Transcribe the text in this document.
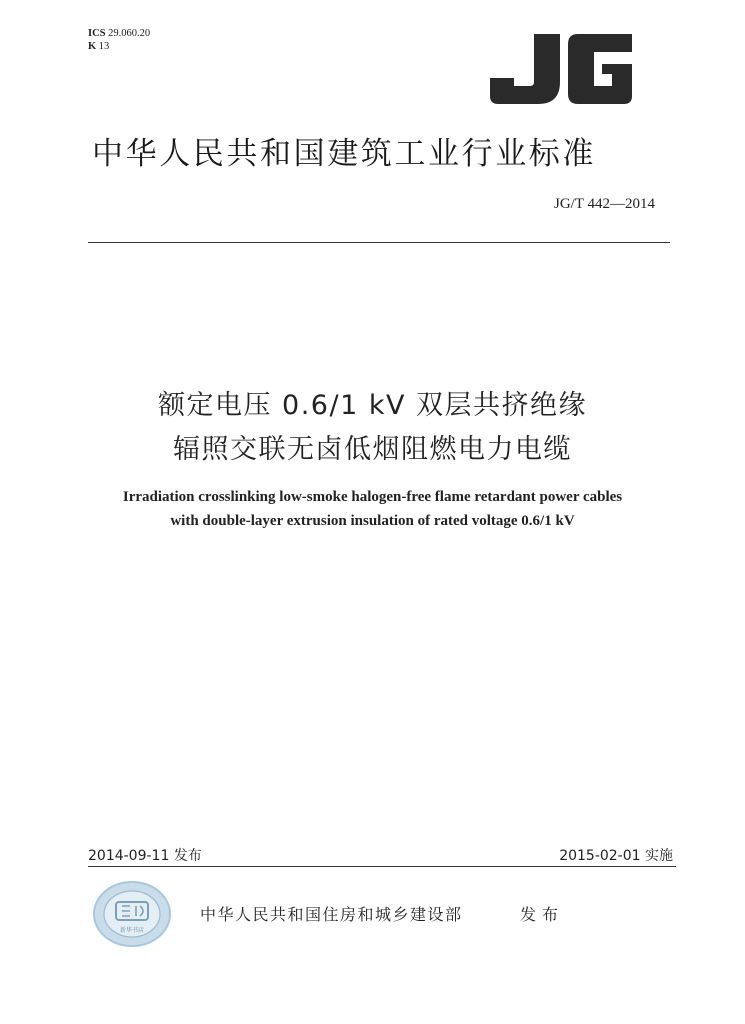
ICS 29.060.20
K 13
中华人民共和国建筑工业行业标准
JG/T 442—2014
额定电压 0.6/1 kV 双层共挤绝缘
辐照交联无卤低烟阻燃电力电缆
Irradiation crosslinking low-smoke halogen-free flame retardant power cables
with double-layer extrusion insulation of rated voltage 0.6/1 kV
2014-09-11 发布	2015-02-01 实施
新华书店
中华人民共和国住房和城乡建设部	发布
